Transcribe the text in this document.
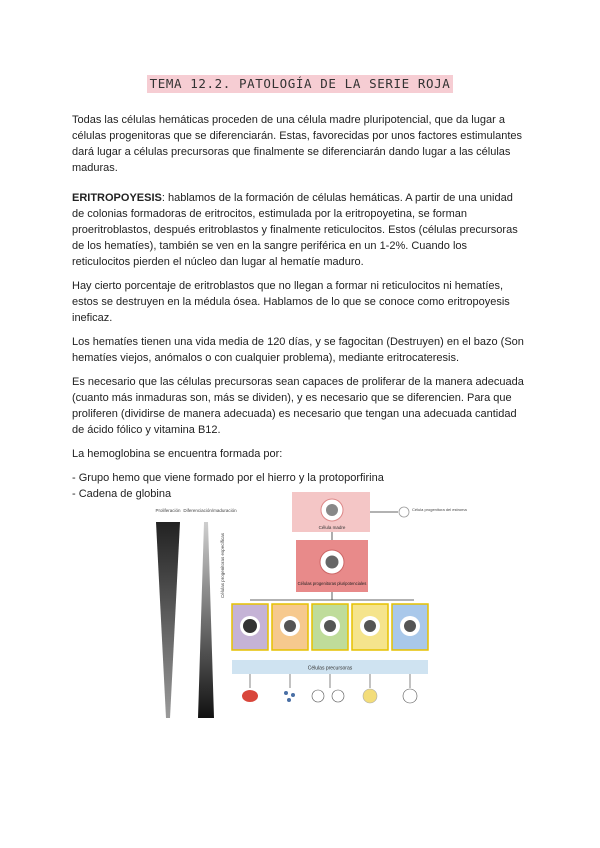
TEMA 12.2. PATOLOGÍA DE LA SERIE ROJA

Todas las células hemáticas proceden de una célula madre pluripotencial, que da lugar a células progenitoras que se diferenciarán. Estas, favorecidas por unos factores estimulantes dará lugar a células precursoras que finalmente se diferenciarán dando lugar a las células maduras.

ERITROPOYESIS: hablamos de la formación de células hemáticas. A partir de una unidad de colonias formadoras de eritrocitos, estimulada por la eritropoyetina, se forman proeritroblastos, después eritroblastos y finalmente reticulocitos. Estos (células precursoras de los hematíes), también se ven en la sangre periférica en un 1-2%. Cuando los reticulocitos pierden el núcleo dan lugar al hematíe maduro.

Hay cierto porcentaje de eritroblastos que no llegan a formar ni reticulocitos ni hematíes, estos se destruyen en la médula ósea. Hablamos de lo que se conoce como eritropoyesis ineficaz.

Los hematíes tienen una vida media de 120 días, y se fagocitan (Destruyen) en el bazo (Son hematíes viejos, anómalos o con cualquier problema), mediante eritrocateresis.

Es necesario que las células precursoras sean capaces de proliferar de la manera adecuada (cuanto más inmaduras son, más se dividen), y es necesario que se diferencien. Para que proliferen (dividirse de manera adecuada) es necesario que tengan una adecuada cantidad de ácido fólico y vitamina B12.

La hemoglobina se encuentra formada por:

- Grupo hemo que viene formado por el hierro y la protoporfirina
- Cadena de globina
Proliferación Diferenciación/maduración
Células progenitoras específicas
Célula madre
Célula progenitora del estroma
Células progenitoras pluripotenciales
Células precursoras
